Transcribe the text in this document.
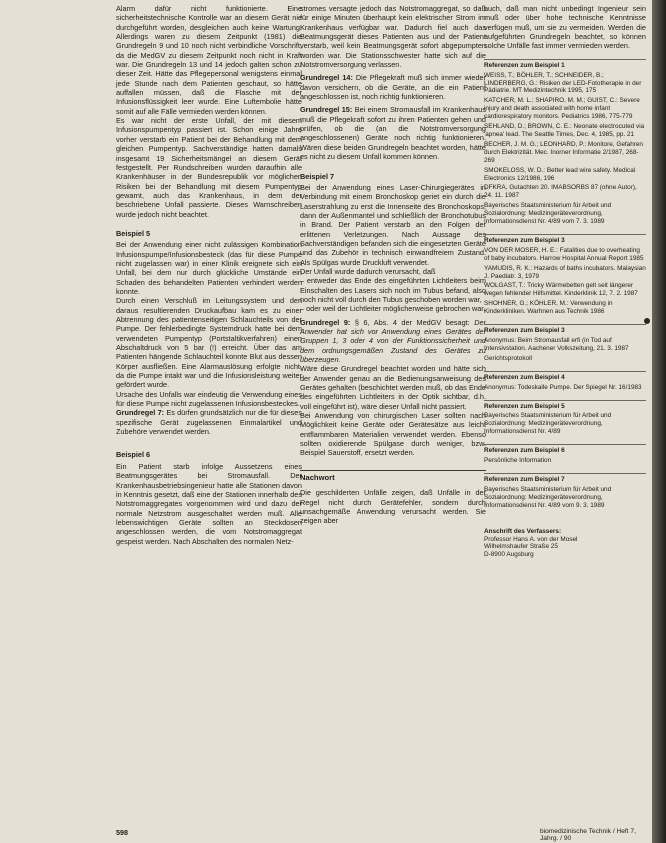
Alarm dafür nicht funktionierte. Eine sicherheitstechnische Kontrolle war an diesem Gerät nie durchgeführt worden, desgleichen auch keine Wartung. Allerdings waren zu diesem Zeitpunkt (1981) die Grundregeln 9 und 10 noch nicht verbindliche Vorschrift, da die MedGV zu diesem Zeitpunkt noch nicht in Kraft war. Die Grundregeln 13 und 14 jedoch galten schon zu dieser Zeit. Hätte das Pflegepersonal wenigstens einmal jede Stunde nach dem Patienten geschaut, so hätte auffallen müssen, daß die Flasche mit der Infusionsflüssigkeit leer wurde. Eine Luftembolie hätte somit auf alle Fälle vermieden werden können.

Es war nicht der erste Unfall, der mit diesem Infusionspumpentyp passiert ist. Schon einige Jahre vorher verstarb ein Patient bei der Behandlung mit dem gleichen Pumpentyp. Sachverständige hatten damals insgesamt 19 Sicherheitsmängel an diesem Gerät festgestellt. Per Rundschreiben wurden daraufhin alle Krankenhäuser in der Bundesrepublik vor möglichen Risiken bei der Behandlung mit diesem Pumpentyp gewarnt, auch das Krankenhaus, in dem der beschriebene Unfall passierte. Dieses Warnschreiben wurde jedoch nicht beachtet.

Beispiel 5

Bei der Anwendung einer nicht zulässigen Kombination Infusionspumpe/Infusionsbesteck (das für diese Pumpe nicht zugelassen war) in einer Klinik ereignete sich ein Unfall, bei dem nur durch glückliche Umstände ein Schaden des behandelten Patienten verhindert werden konnte.

Durch einen Verschluß im Leitungssystem und den daraus resultierenden Druckaufbau kam es zu einer Abtrennung des patientenseitigen Schlauchteils von der Pumpe. Der fehlerbedingte Systemdruck hatte bei dem verwendeten Pumpentyp (Portstaltikverfahren) einen Abschaltdruck von 5 bar (!) erreicht. Über das am Patienten hängende Schlauchteil konnte Blut aus dessen Körper ausfließen. Eine Alarmauslösung erfolgte nicht, da die Pumpe intakt war und die Infusionsleistung weiter gefördert wurde.

Ursache des Unfalls war eindeutig die Verwendung eines für diese Pumpe nicht zugelassenen Infusionsbesteckes.

Grundregel 7: Es dürfen grundsätzlich nur die für dieses spezifische Gerät zugelassenen Einmalartikel und Zubehöre verwendet werden.

Beispiel 6

Ein Patient starb infolge Aussetzens eines Beatmungsgerätes bei Stromausfall. Der Krankenhausbetriebsingenieur hatte alle Stationen davon in Kenntnis gesetzt, daß eine der Stationen innerhalb des Notstromaggregates vorgenommen wird und dazu der normale Netzstrom ausgeschaltet werden muß. Alle lebenswichtigen Geräte sollten an Steckdosen angeschlossen werden, die vom Notstromaggregat gespeist werden. Nach Abschalten des normalen Netz-

stromes versagte jedoch das Notstromaggregat, so daß für einige Minuten überhaupt kein elektrischer Strom im Krankenhaus verfügbar war. Dadurch fiel auch das Beatmungsgerät dieses Patienten aus und der Patient verstarb, weil kein Beatmungsgerät sofort abgepumpten worden war. Die Stationsschwester hatte sich auf die Notstromversorgung verlassen.

Grundregel 14: Die Pflegekraft muß sich immer wieder davon versichern, ob die Geräte, an die ein Patient angeschlossen ist, noch richtig funktionieren.

Grundregel 15: Bei einem Stromausfall im Krankenhaus muß die Pflegekraft sofort zu ihren Patienten gehen und prüfen, ob die (an die Notstromversorgung angeschlossenen) Geräte noch richtig funktionieren. Wären diese beiden Grundregeln beachtet worden, hätte es nicht zu diesem Unfall kommen können.

Beispiel 7

Bei der Anwendung eines Laser-Chirurgiegerätes in Verbindung mit einem Bronchoskop geriet ein durch die Laserstrahlung zu erst die Innenseite des Bronchoskops, dann der Außenmantel und schließlich der Bronchotubus in Brand. Der Patient verstarb an den Folgen der erlittenen Verletzungen. Nach Aussage des Sachverständigen befanden sich die eingesetzten Geräte und das Zubehör in technisch einwandfreiem Zustand. Als Spülgas wurde Druckluft verwendet.

Der Unfall wurde dadurch verursacht, daß

– entweder das Ende des eingeführten Lichtleiters beim Einschalten des Lasers sich noch im Tubus befand, also noch nicht voll durch den Tubus geschoben worden war,

– oder weil der Lichtleiter möglicherweise gebrochen war.

Grundregel 9: § 6, Abs. 4 der MedGV besagt: Der Anwender hat sich vor Anwendung eines Gerätes der Gruppen 1, 3 oder 4 von der Funktionssicherheit und dem ordnungsgemäßen Zustand des Gerätes zu überzeugen.

Wäre diese Grundregel beachtet worden und hätte sich der Anwender genau an die Bedienungsanweisung des Gerätes gehalten (beschichtet werden muß, ob das Ende des eingeführten Lichtleiters in der Optik sichtbar, d.h. voll eingeführt ist), wäre dieser Unfall nicht passiert.

Bei Anwendung von chirurgischen Laser sollten nach Möglichkeit keine Geräte oder Gerätesätze aus leicht entflammbaren Materialien verwendet werden. Ebenso sollten oxidierende Spülgase durch weniger, bzw. Beispiel Sauerstoff, ersetzt werden.

Nachwort

Die geschilderten Unfälle zeigen, daß Unfälle in der Regel nicht durch Gerätefehler, sondern durch unsachgemäße Anwendung verursacht werden. Sie zeigen aber

auch, daß man nicht unbedingt Ingenieur sein muß oder über hohe technische Kenntnisse verfügen muß, um sie zu vermeiden. Werden die aufgeführten Grundregeln beachtet, so können solche Unfälle fast immer vermieden werden.

Referenzen zum Beispiel 1
WEISS, T.; BÖHLER, T.; SCHNEIDER, B.; LINDERBERG, G.: Risiken der LED-Fototherapie in der Pädiatrie. MT Medizintechnik 1995, 175
KATCHER, M. L.; SHAPIRO, M. M.; GUIST, C.: Severe injury and death associated with home infant cardiorespiratory monitors. Pediatrics 1986, 775-779
SEHLAND, D.; BROWN, C. E.: Neonate electrocuted via 'apnea' lead. The Seattle Times, Dec. 4, 1985, pp. 21
BECHER, J. M. G.; LEONHARD, P.: Monitore, Gefahren durch Elektrizität. Mec. Inorner Informatie 2/1987, 268-269
SMOKELOSS, W. D.: Better lead wire safety. Medical Electronics 12/1986, 196
DFKRA, Gutachten 20. IMABSORBS 87 (ohne Autor), 24. 11. 1987
Bayerisches Staatsministerium für Arbeit und Sozialordnung: Medizingeräteverordnung, Informationsdienst Nr. 4/89 vom 7. 3. 1989
Referenzen zum Beispiel 3
VON DER MOSER, H. E.: Fatalities due to overheating of baby incubators. Harrow Hospital Annual Report 1985
YAMUDIS, R. K.: Hazards of baths incubators. Malaysian J. Paediatr. 3, 1979
WOLGAST, T.: Tricky Wärmebetten gelt seit längerer wegen fehlender Hilfsmittel. Kinderklinik 12, 7. 2. 1987
SHOHNER, G.; KÖHLER, M.: Verwendung in Kinderkliniken. Warhnen aus Technik 1986
Referenzen zum Beispiel 3
Anonymus: Beim Stromausfall erfi (in Tod auf Intensivstation. Aachener Volkszeitung, 21. 3. 1987
Gerichtsprotokoll
Referenzen zum Beispiel 4
Anonymus: Todeskalle Pumpe. Der Spiegel Nr. 16/1983
Referenzen zum Beispiel 5
Bayerisches Staatsministerium für Arbeit und Sozialordnung: Medizingeräteverordnung, Informationsdienst Nr. 4/89
Referenzen zum Beispiel 6
Persönliche Information
Referenzen zum Beispiel 7
Bayerisches Staatsministerium für Arbeit und Sozialordnung: Medizingeräteverordnung, Informationsdienst Nr. 4/89 vom 9. 3. 1989
Anschrift des Verfassers:
Professor Hans A. von der Mosel
Wilhelmshaufer Straße 25
D-8900 Augsburg
598	biomedizinische Technik / Heft 7, Jahrg. / 90
